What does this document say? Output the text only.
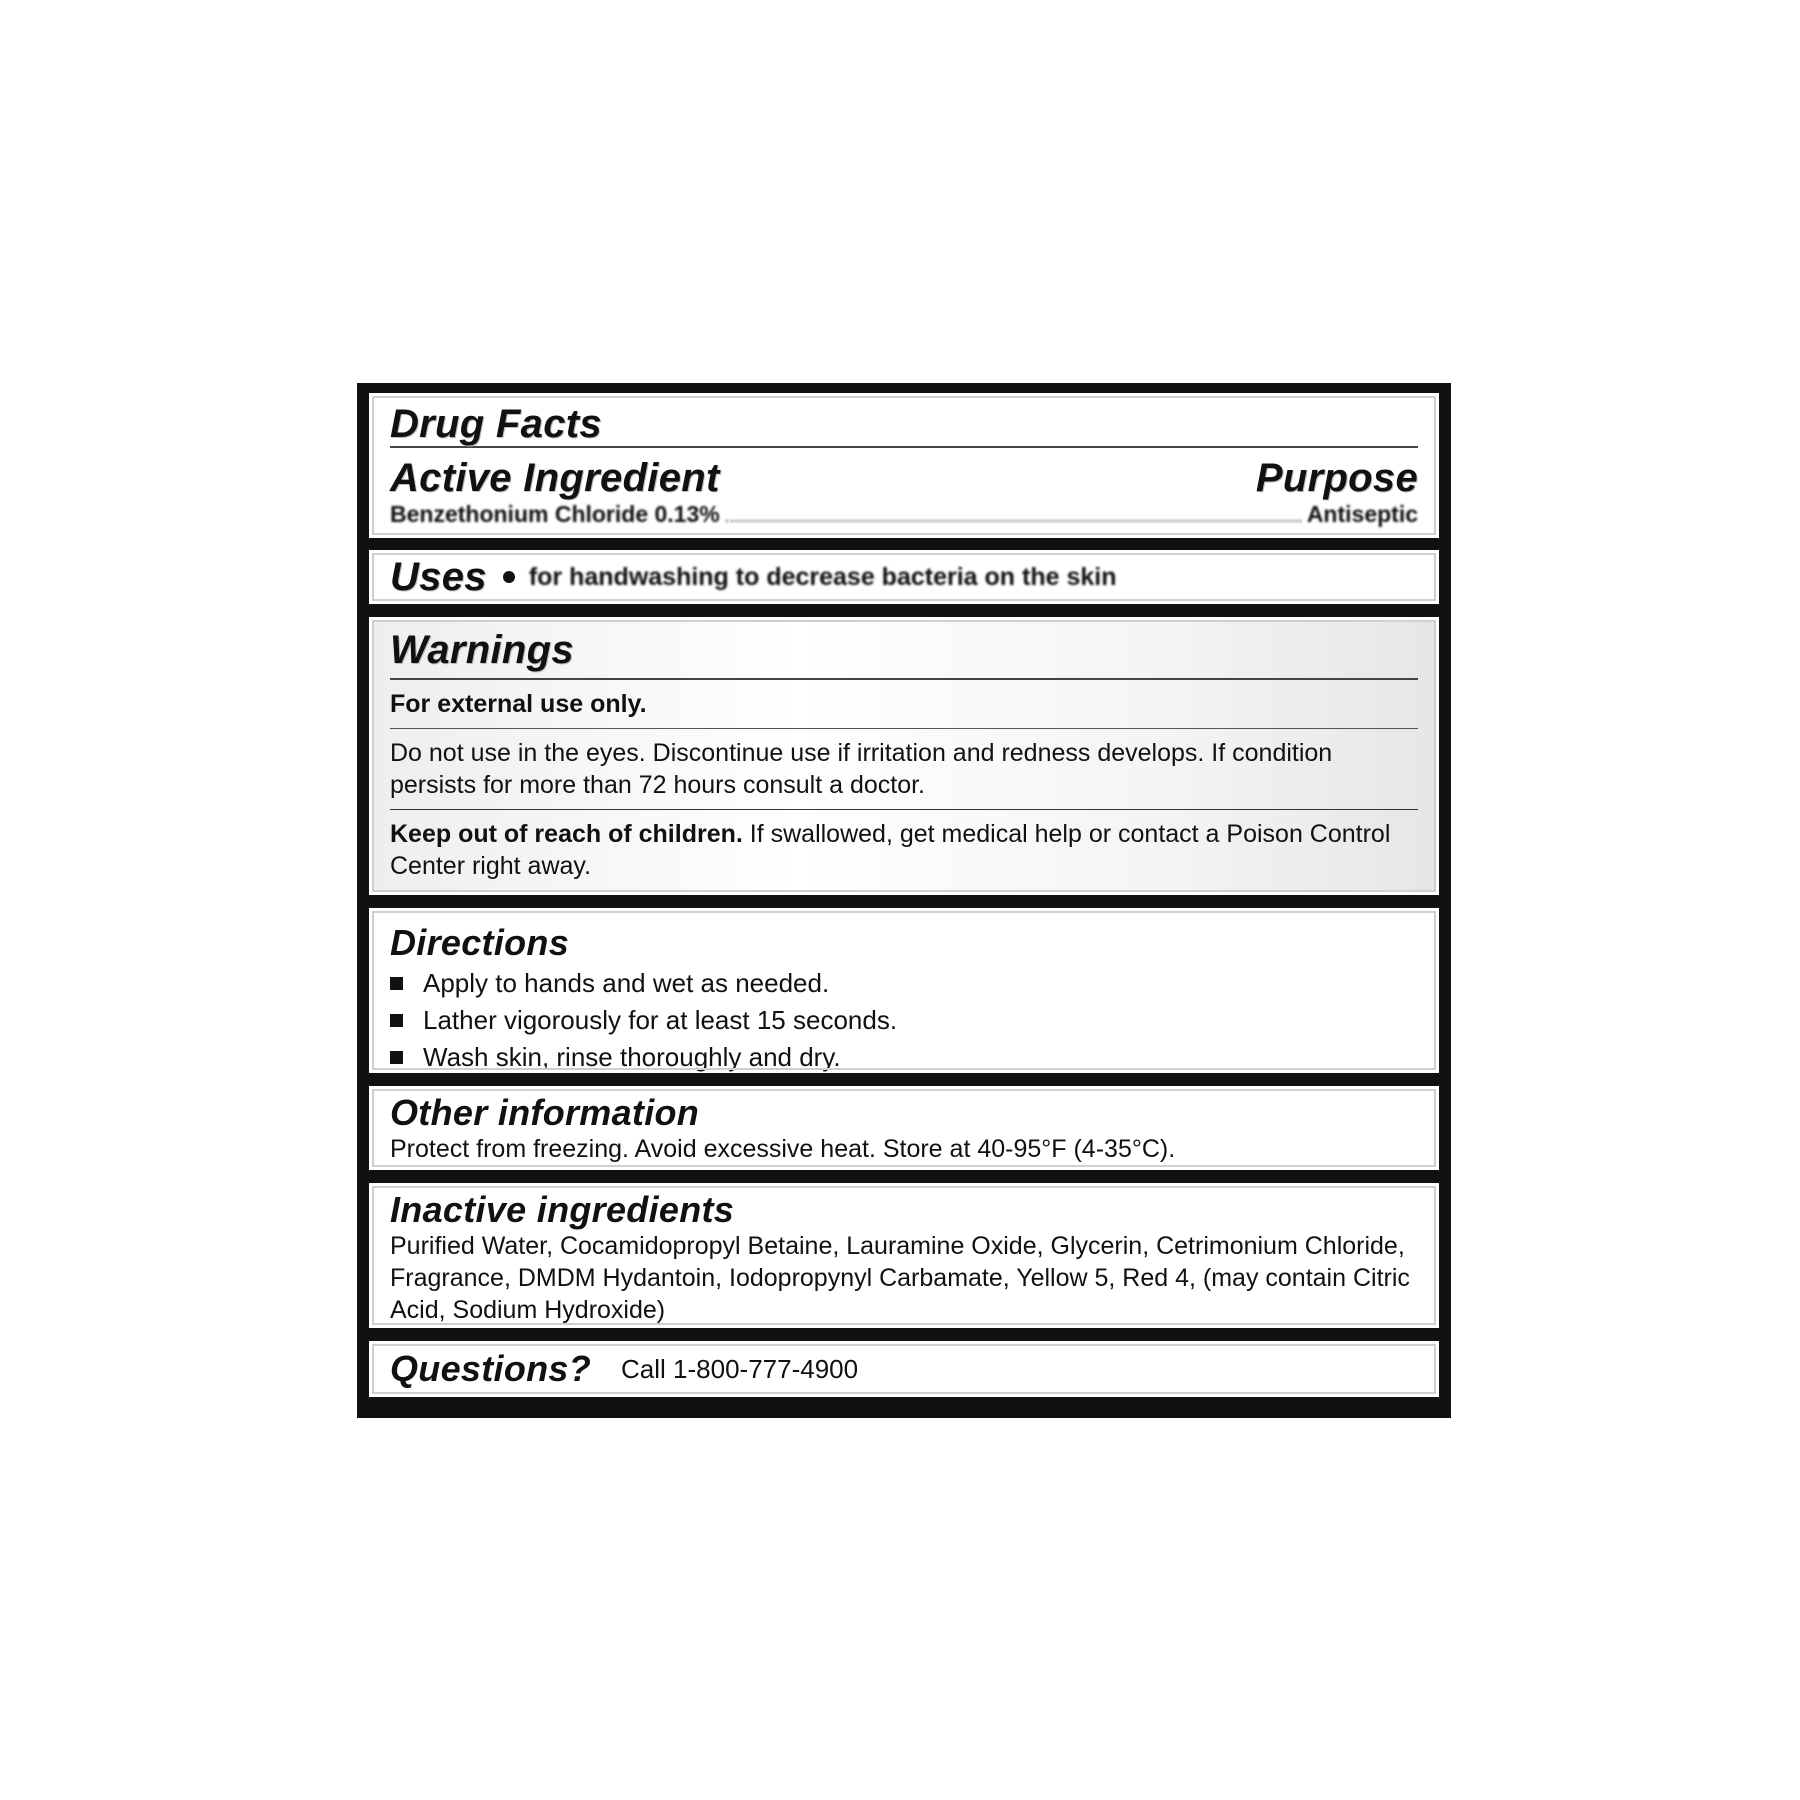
Drug Facts
Active Ingredient	Purpose
Benzethonium Chloride 0.13%	Antiseptic
Uses for handwashing to decrease bacteria on the skin
Warnings

For external use only.

Do not use in the eyes. Discontinue use if irritation and redness develops. If condition persists for more than 72 hours consult a doctor.

Keep out of reach of children. If swallowed, get medical help or contact a Poison Control Center right away.

Directions
Apply to hands and wet as needed.
Lather vigorously for at least 15 seconds.
Wash skin, rinse thoroughly and dry.
Other information

Protect from freezing. Avoid excessive heat. Store at 40-95°F (4-35°C).

Inactive ingredients

Purified Water, Cocamidopropyl Betaine, Lauramine Oxide, Glycerin, Cetrimonium Chloride, Fragrance, DMDM Hydantoin, Iodopropynyl Carbamate, Yellow 5, Red 4, (may contain Citric Acid, Sodium Hydroxide)

Questions? Call 1-800-777-4900
